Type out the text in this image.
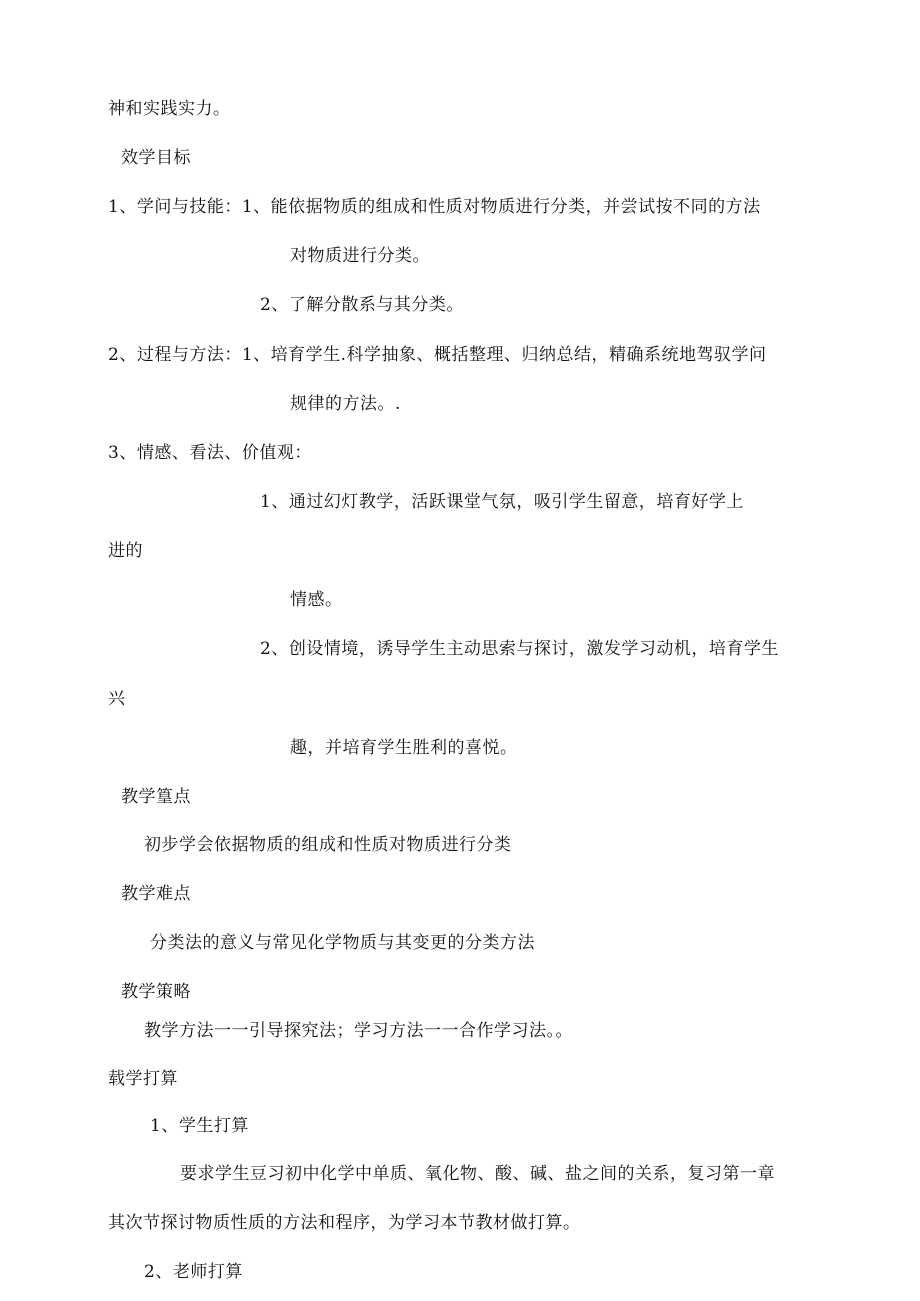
神和实践实力。
效学目标
1、学问与技能：1、能依据物质的组成和性质对物质进行分类，并尝试按不同的方法
对物质进行分类。
2、了解分散系与其分类。
2、过程与方法：1、培育学生.科学抽象、概括整理、归纳总结，精确系统地驾驭学问
规律的方法。.
3、情感、看法、价值观：
1、通过幻灯教学，活跃课堂气氛，吸引学生留意，培育好学上
进的
情感。
2、创设情境，诱导学生主动思索与探讨，激发学习动机，培育学生
兴
趣，并培育学生胜利的喜悦。
教学篁点
初步学会依据物质的组成和性质对物质进行分类
教学难点
分类法的意义与常见化学物质与其变更的分类方法
教学策略
教学方法一一引导探究法；学习方法一一合作学习法。。
载学打算
1、学生打算
要求学生豆习初中化学中单质、氧化物、酸、碱、盐之间的关系，复习第一章
其次节探讨物质性质的方法和程序，为学习本节教材做打算。
2、老师打算
